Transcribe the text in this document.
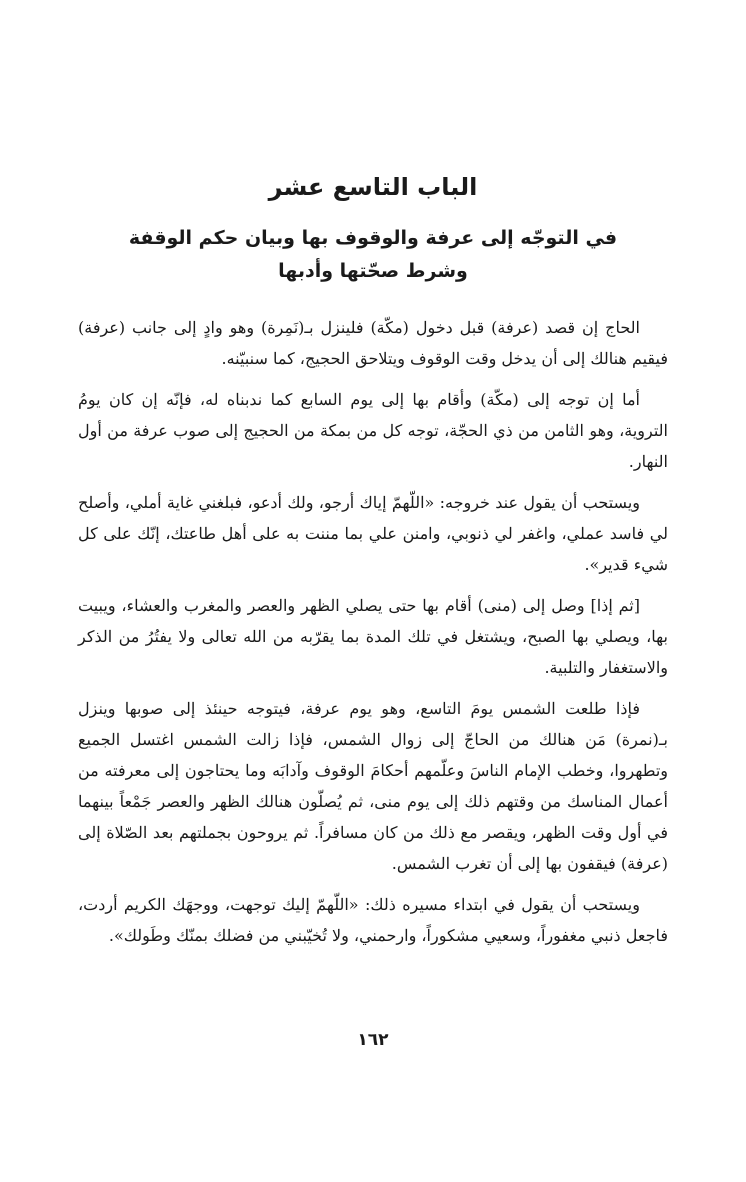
الباب التاسع عشر
في التوجّه إلى عرفة والوقوف بها وبيان حكم الوقفة
وشرط صحّتها وأدبها

الحاج إن قصد (عرفة) قبل دخول (مكّة) فلينزل بـ(نَمِرة) وهو وادٍ إلى جانب (عرفة) فيقيم هنالك إلى أن يدخل وقت الوقوف ويتلاحق الحجيج، كما سنبيّنه.

أما إن توجه إلى (مكّة) وأقام بها إلى يوم السابع كما ندبناه له، فإنّه إن كان يومُ التروية، وهو الثامن من ذي الحجّة، توجه كل من بمكة من الحجيج إلى صوب عرفة من أول النهار.

ويستحب أن يقول عند خروجه: «اللّهمّ إياك أرجو، ولك أدعو، فبلغني غاية أملي، وأصلح لي فاسد عملي، واغفر لي ذنوبي، وامنن علي بما مننت به على أهل طاعتك، إنّك على كل شيء قدير».

[ثم إذا] وصل إلى (منى) أقام بها حتى يصلي الظهر والعصر والمغرب والعشاء، ويبيت بها، ويصلي بها الصبح، ويشتغل في تلك المدة بما يقرّبه من الله تعالى ولا يفتُرُ من الذكر والاستغفار والتلبية.

فإذا طلعت الشمس يومَ التاسع، وهو يوم عرفة، فيتوجه حينئذ إلى صوبها وينزل بـ(نمرة) مَن هنالك من الحاجّ إلى زوال الشمس، فإذا زالت الشمس اغتسل الجميع وتطهروا، وخطب الإمام الناسَ وعلّمهم أحكامَ الوقوف وآدابَه وما يحتاجون إلى معرفته من أعمال المناسك من وقتهم ذلك إلى يوم منى، ثم يُصلّون هنالك الظهر والعصر جَمْعاً بينهما في أول وقت الظهر، ويقصر مع ذلك من كان مسافراً. ثم يروحون بجملتهم بعد الصّلاة إلى (عرفة) فيقفون بها إلى أن تغرب الشمس.

ويستحب أن يقول في ابتداء مسيره ذلك: «اللّهمّ إليك توجهت، ووجهَك الكريم أردت، فاجعل ذنبي مغفوراً، وسعيي مشكوراً، وارحمني، ولا تُخيّبني من فضلك بمنّك وطَولك».

١٦٢
